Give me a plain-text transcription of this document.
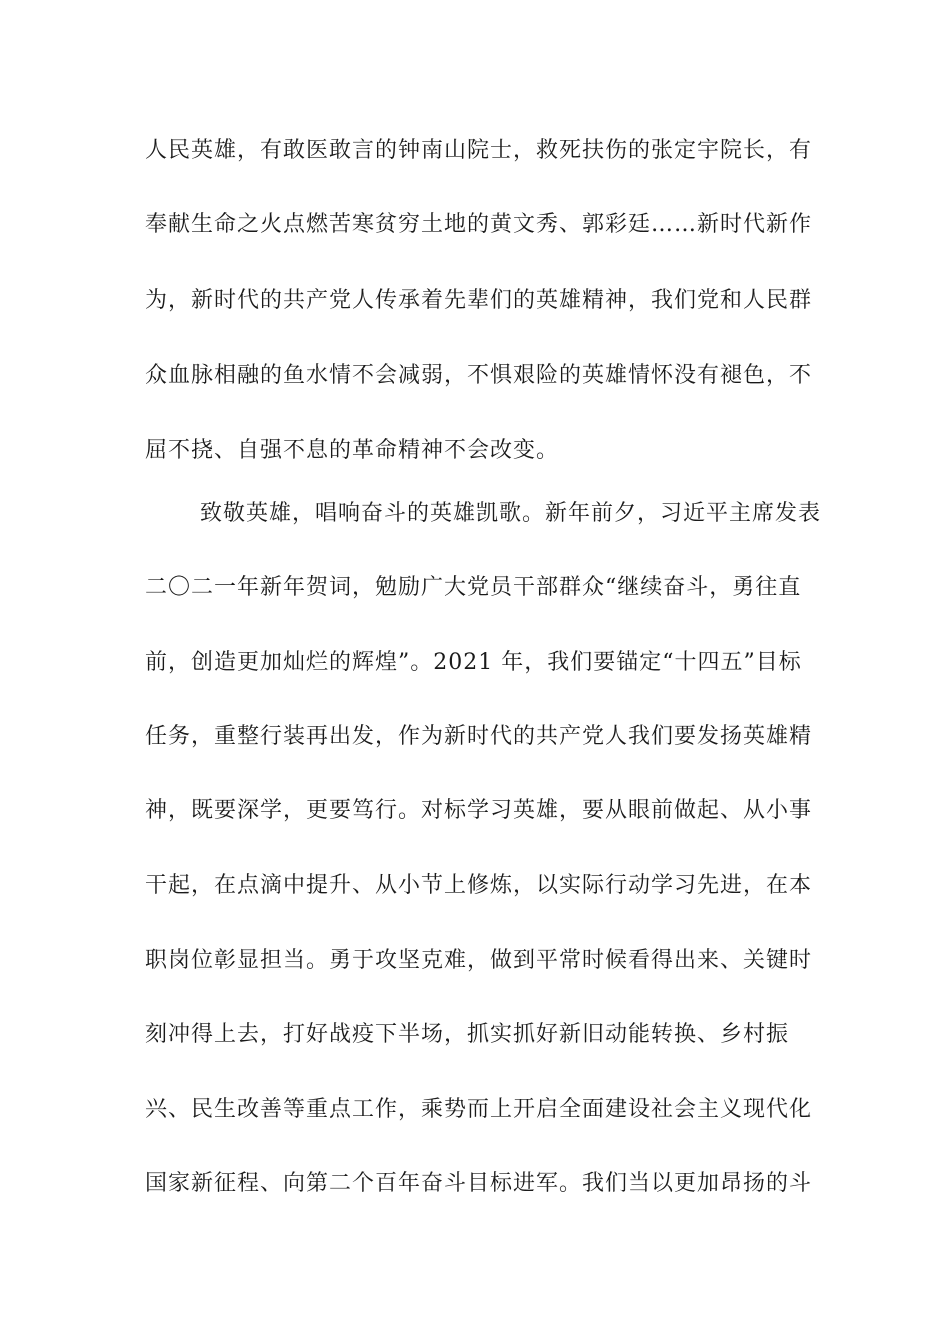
人民英雄，有敢医敢言的钟南山院士，救死扶伤的张定宇院长，有
奉献生命之火点燃苦寒贫穷土地的黄文秀、郭彩廷……新时代新作
为，新时代的共产党人传承着先辈们的英雄精神，我们党和人民群
众血脉相融的鱼水情不会减弱，不惧艰险的英雄情怀没有褪色，不
屈不挠、自强不息的革命精神不会改变。
致敬英雄，唱响奋斗的英雄凯歌。新年前夕，习近平主席发表
二〇二一年新年贺词，勉励广大党员干部群众“继续奋斗，勇往直
前，创造更加灿烂的辉煌”。2021 年，我们要锚定“十四五”目标
任务，重整行装再出发，作为新时代的共产党人我们要发扬英雄精
神，既要深学，更要笃行。对标学习英雄，要从眼前做起、从小事
干起，在点滴中提升、从小节上修炼，以实际行动学习先进，在本
职岗位彰显担当。勇于攻坚克难，做到平常时候看得出来、关键时
刻冲得上去，打好战疫下半场，抓实抓好新旧动能转换、乡村振
兴、民生改善等重点工作，乘势而上开启全面建设社会主义现代化
国家新征程、向第二个百年奋斗目标进军。我们当以更加昂扬的斗
